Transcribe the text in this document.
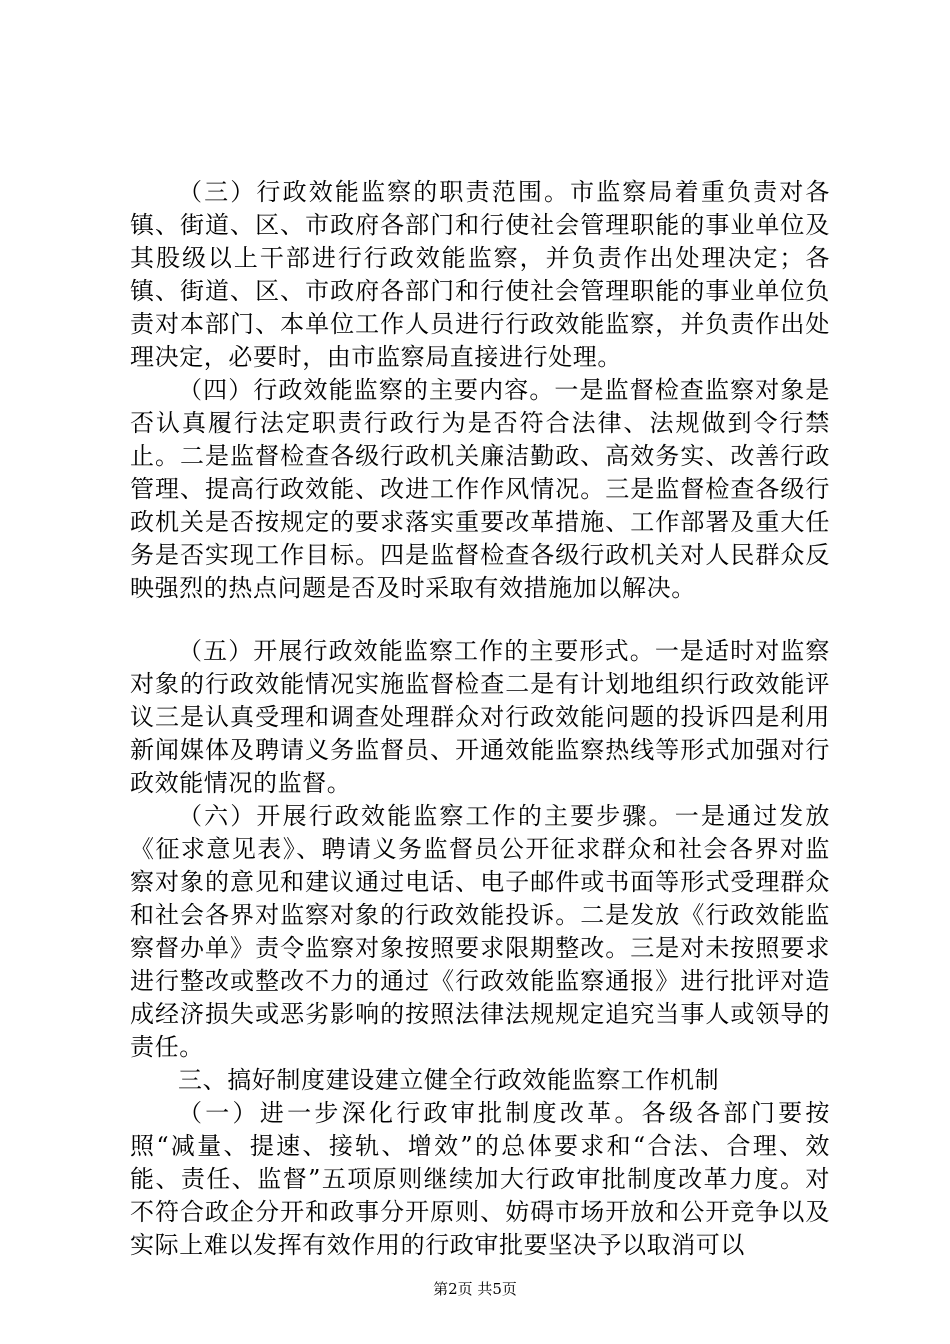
（三）行政效能监察的职责范围。市监察局着重负责对各镇、街道、区、市政府各部门和行使社会管理职能的事业单位及其股级以上干部进行行政效能监察，并负责作出处理决定；各镇、街道、区、市政府各部门和行使社会管理职能的事业单位负责对本部门、本单位工作人员进行行政效能监察，并负责作出处理决定，必要时，由市监察局直接进行处理。

（四）行政效能监察的主要内容。一是监督检查监察对象是否认真履行法定职责行政行为是否符合法律、法规做到令行禁止。二是监督检查各级行政机关廉洁勤政、高效务实、改善行政管理、提高行政效能、改进工作作风情况。三是监督检查各级行政机关是否按规定的要求落实重要改革措施、工作部署及重大任务是否实现工作目标。四是监督检查各级行政机关对人民群众反映强烈的热点问题是否及时采取有效措施加以解决。

（五）开展行政效能监察工作的主要形式。一是适时对监察对象的行政效能情况实施监督检查二是有计划地组织行政效能评议三是认真受理和调查处理群众对行政效能问题的投诉四是利用新闻媒体及聘请义务监督员、开通效能监察热线等形式加强对行政效能情况的监督。

（六）开展行政效能监察工作的主要步骤。一是通过发放《征求意见表》、聘请义务监督员公开征求群众和社会各界对监察对象的意见和建议通过电话、电子邮件或书面等形式受理群众和社会各界对监察对象的行政效能投诉。二是发放《行政效能监察督办单》责令监察对象按照要求限期整改。三是对未按照要求进行整改或整改不力的通过《行政效能监察通报》进行批评对造成经济损失或恶劣影响的按照法律法规规定追究当事人或领导的责任。

三、搞好制度建设建立健全行政效能监察工作机制

（一）进一步深化行政审批制度改革。各级各部门要按照“减量、提速、接轨、增效”的总体要求和“合法、合理、效能、责任、监督”五项原则继续加大行政审批制度改革力度。对不符合政企分开和政事分开原则、妨碍市场开放和公开竞争以及实际上难以发挥有效作用的行政审批要坚决予以取消可以

第2页 共5页
